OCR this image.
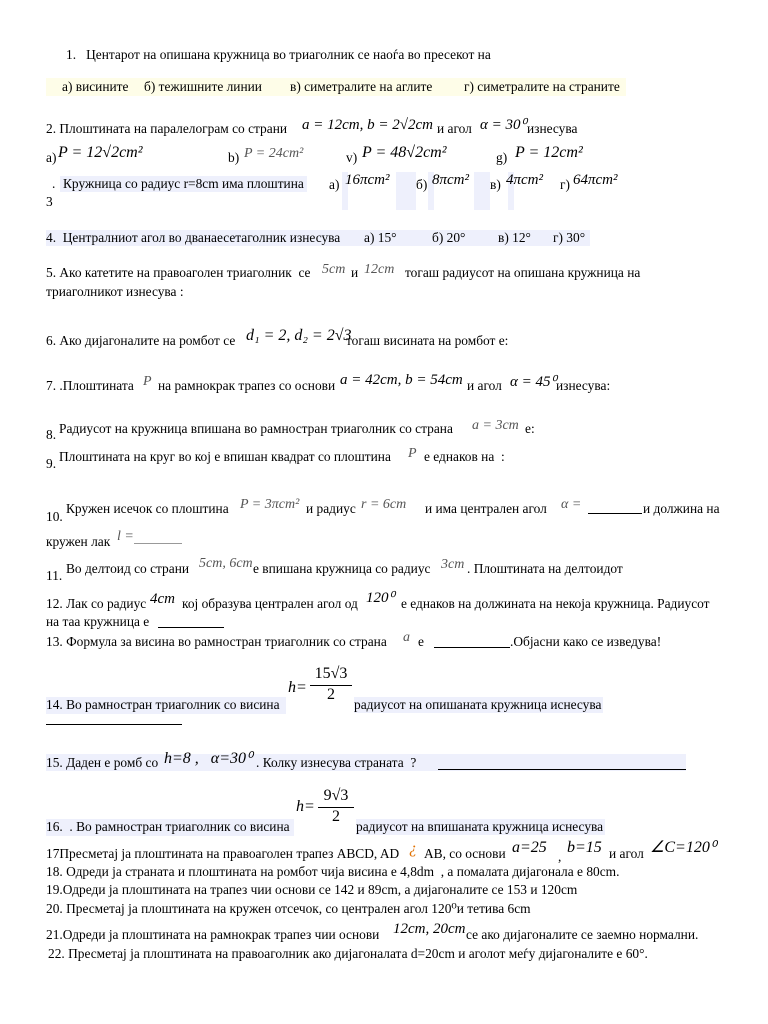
1.   Центарот на опишана кружница во триаголник се наоѓа во пресекот на
а) висините б) тежишните линии в) симетралите на аглите г) симетралите на страните
2. Плоштината на паралелограм со страни a = 12cm, b = 2√2cm и агол α = 30⁰ изнесува
а) P = 12√2cm²	b) P = 24cm²	v) P = 48√2cm²	g) P = 12cm²
. Кружница со радиус r=8cm има плоштина а) 16πcm² б) 8πcm² в) 4πcm² г) 64πcm²
3
4.  Централниот агол во дванаесетаголник изнесува а) 15°	б) 20° в) 12° г) 30°
5. Ако катетите на правоаголен триаголник  се 5cm и 12cm тогаш радиусот на опишана кружница на
триаголникот изнесува :
6. Ако дијагоналите на ромбот се d₁ = 2, d₂ = 2√3
тогаш висината на ромбот е:
7. .Плоштината P на рамнокрак трапез со основи a = 42cm, b = 54cm и агол α = 45⁰ изнесува:
8. Радиусот на кружница впишана во рамностран триаголник со страна a = 3cm е:
9. Плоштината на круг во кој е впишан квадрат со плоштина P е еднаков на  :
10.
Кружен исечок со плоштина P = 3πcm² и радиус r = 6cm и има централен агол α =	и должина на
кружен лак l =
11. Во делтоид со страни 5cm, 6cm е впишана кружница со радиус 3cm . Плоштината на делтоидот
12. Лак со радиус 4cm кој образува централен агол од 120⁰ е еднаков на должината на некоја кружница. Радиусот
на таа кружница е
13. Формула за висина во рамностран триаголник со страна a е	.Објасни како се изведува!
14. Во рамностран триаголник со висина
h=
15√3
2
радиусот на опишаната кружница иснесува
15. Даден е ромб со h=8 ,   α=30⁰ . Колку изнесува страната  ?
16.  . Во рамностран триаголник со висина
h=
9√3
2
радиусот на впишаната кружница иснесува
17Пресметај ја плоштината на правоаголен трапез ABCD, AD ¿ AB, со основи a=25
,
b=15 и агол ∠C=120⁰
18. Одреди ја страната и плоштината на ромбот чија висина е 4,8dm  , а помалата дијагонала е 80cm.
19.Одреди ја плоштината на трапез чии основи се 142 и 89cm, а дијагоналите се 153 и 120cm
20. Пресметај ја плоштината на кружен отсечок, со централен агол 120⁰и тетива 6cm
21.Одреди ја плоштината на рамнокрак трапез чии основи 12cm, 20cm се ако дијагоналите се заемно нормални.
22. Пресметај ја плоштината на правоаголник ако дијагоналата d=20cm и аголот меѓу дијагоналите е 60°.
